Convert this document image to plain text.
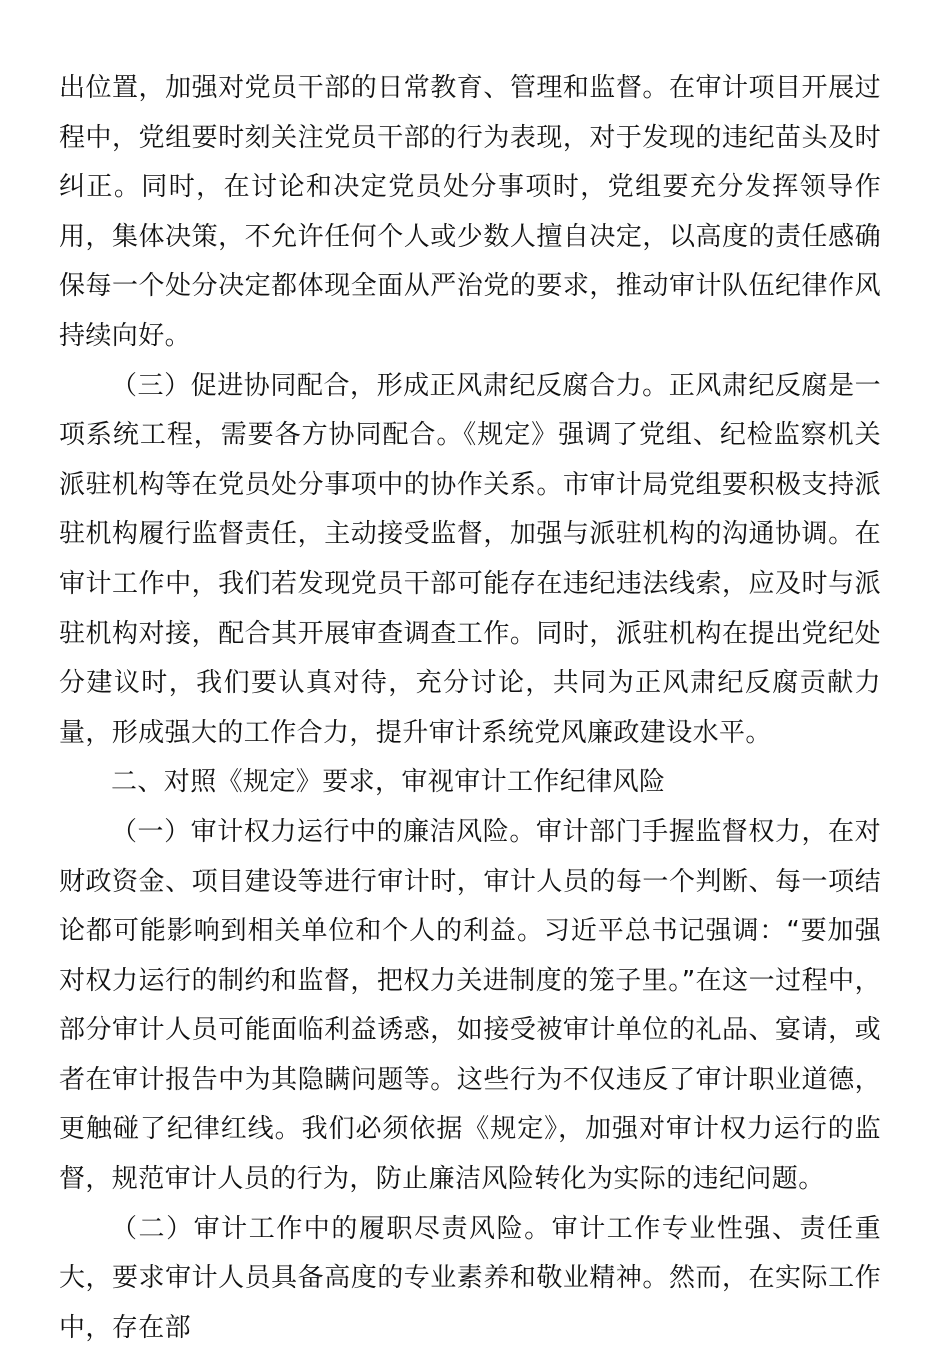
出位置，加强对党员干部的日常教育、管理和监督。在审计项目开展过程中，党组要时刻关注党员干部的行为表现，对于发现的违纪苗头及时纠正。同时，在讨论和决定党员处分事项时，党组要充分发挥领导作用，集体决策，不允许任何个人或少数人擅自决定，以高度的责任感确保每一个处分决定都体现全面从严治党的要求，推动审计队伍纪律作风持续向好。

（三）促进协同配合，形成正风肃纪反腐合力。正风肃纪反腐是一项系统工程，需要各方协同配合。《规定》强调了党组、纪检监察机关派驻机构等在党员处分事项中的协作关系。市审计局党组要积极支持派驻机构履行监督责任，主动接受监督，加强与派驻机构的沟通协调。在审计工作中，我们若发现党员干部可能存在违纪违法线索，应及时与派驻机构对接，配合其开展审查调查工作。同时，派驻机构在提出党纪处分建议时，我们要认真对待，充分讨论，共同为正风肃纪反腐贡献力量，形成强大的工作合力，提升审计系统党风廉政建设水平。

二、对照《规定》要求，审视审计工作纪律风险

（一）审计权力运行中的廉洁风险。审计部门手握监督权力，在对财政资金、项目建设等进行审计时，审计人员的每一个判断、每一项结论都可能影响到相关单位和个人的利益。习近平总书记强调：“要加强对权力运行的制约和监督，把权力关进制度的笼子里。”在这一过程中，部分审计人员可能面临利益诱惑，如接受被审计单位的礼品、宴请，或者在审计报告中为其隐瞒问题等。这些行为不仅违反了审计职业道德，更触碰了纪律红线。我们必须依据《规定》，加强对审计权力运行的监督，规范审计人员的行为，防止廉洁风险转化为实际的违纪问题。

（二）审计工作中的履职尽责风险。审计工作专业性强、责任重大，要求审计人员具备高度的专业素养和敬业精神。然而，在实际工作中，存在部
